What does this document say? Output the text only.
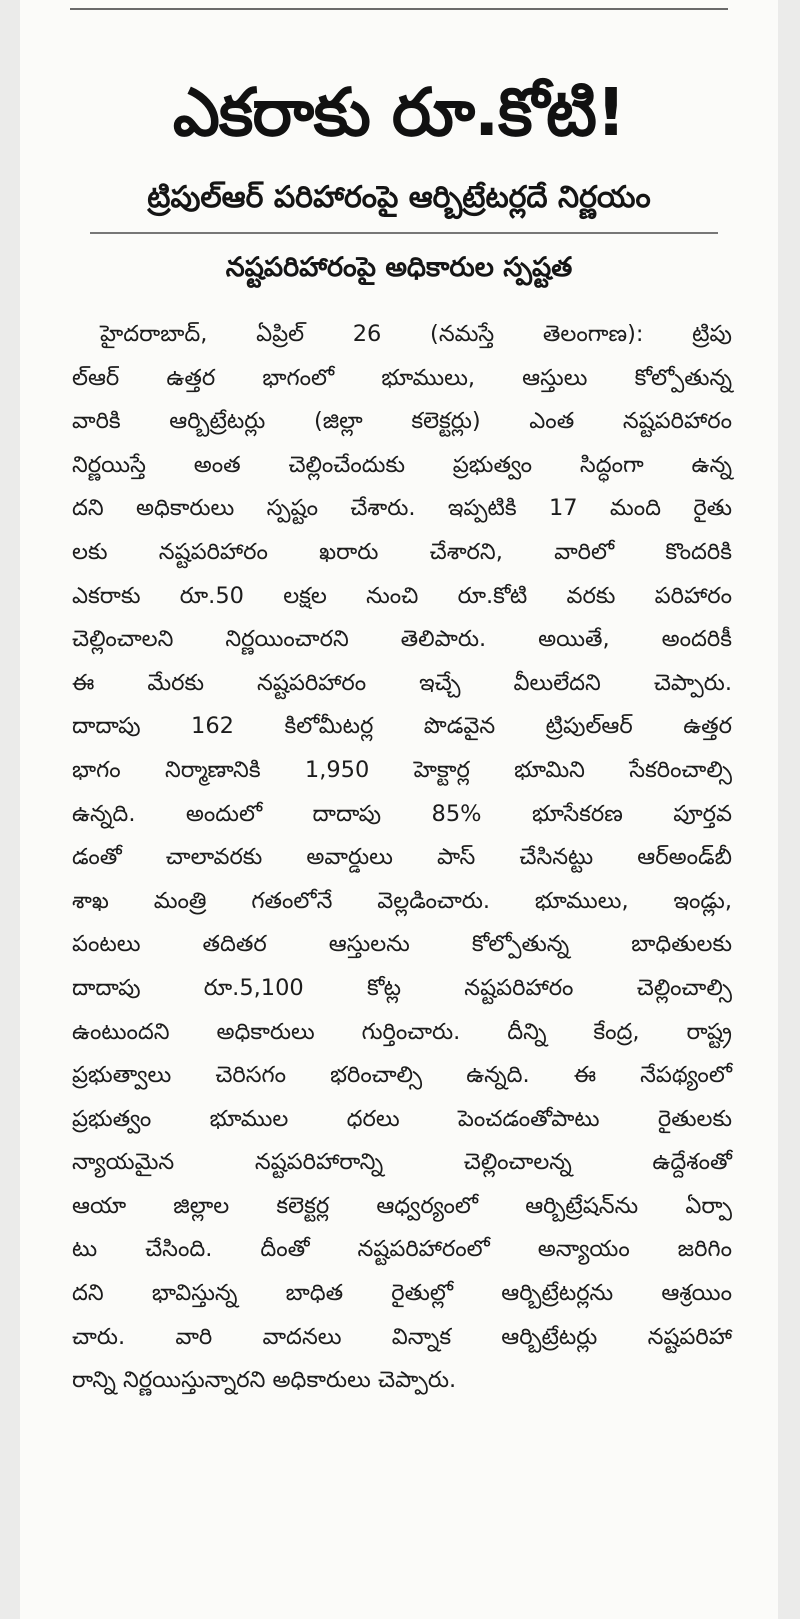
ఎకరాకు రూ.కోటి!
ట్రిపుల్‌ఆర్‌ పరిహారంపై ఆర్బిట్రేటర్లదే నిర్ణయం
నష్టపరిహారంపై అధికారుల స్పష్టత
హైదరాబాద్‌, ఏప్రిల్‌ 26 (నమస్తే తెలంగాణ): ట్రిపు
ల్‌ఆర్‌ ఉత్తర భాగంలో భూములు, ఆస్తులు కోల్పోతున్న
వారికి ఆర్బిట్రేటర్లు (జిల్లా కలెక్టర్లు) ఎంత నష్టపరిహారం
నిర్ణయిస్తే అంత చెల్లించేందుకు ప్రభుత్వం సిద్ధంగా ఉన్న
దని అధికారులు స్పష్టం చేశారు. ఇప్పటికి 17 మంది రైతు
లకు నష్టపరిహారం ఖరారు చేశారని, వారిలో కొందరికి
ఎకరాకు రూ.50 లక్షల నుంచి రూ.కోటి వరకు పరిహారం
చెల్లించాలని నిర్ణయించారని తెలిపారు. అయితే, అందరికీ
ఈ మేరకు నష్టపరిహారం ఇచ్చే వీలులేదని చెప్పారు.
దాదాపు 162 కిలోమీటర్ల పొడవైన ట్రిపుల్‌ఆర్‌ ఉత్తర
భాగం నిర్మాణానికి 1,950 హెక్టార్ల భూమిని సేకరించాల్సి
ఉన్నది. అందులో దాదాపు 85% భూసేకరణ పూర్తవ
డంతో చాలావరకు అవార్డులు పాస్‌ చేసినట్టు ఆర్‌అండ్‌బీ
శాఖ మంత్రి గతంలోనే వెల్లడించారు. భూములు, ఇండ్లు,
పంటలు తదితర ఆస్తులను కోల్పోతున్న బాధితులకు
దాదాపు రూ.5,100 కోట్ల నష్టపరిహారం చెల్లించాల్సి
ఉంటుందని అధికారులు గుర్తించారు. దీన్ని కేంద్ర, రాష్ట్ర
ప్రభుత్వాలు చెరిసగం భరించాల్సి ఉన్నది. ఈ నేపథ్యంలో
ప్రభుత్వం భూముల ధరలు పెంచడంతోపాటు రైతులకు
న్యాయమైన నష్టపరిహారాన్ని చెల్లించాలన్న ఉద్దేశంతో
ఆయా జిల్లాల కలెక్టర్ల ఆధ్వర్యంలో ఆర్బిట్రేషన్‌ను ఏర్పా
టు చేసింది. దీంతో నష్టపరిహారంలో అన్యాయం జరిగిం
దని భావిస్తున్న బాధిత రైతుల్లో ఆర్బిట్రేటర్లను ఆశ్రయిం
చారు. వారి వాదనలు విన్నాక ఆర్బిట్రేటర్లు నష్టపరిహా
రాన్ని నిర్ణయిస్తున్నారని అధికారులు చెప్పారు.
